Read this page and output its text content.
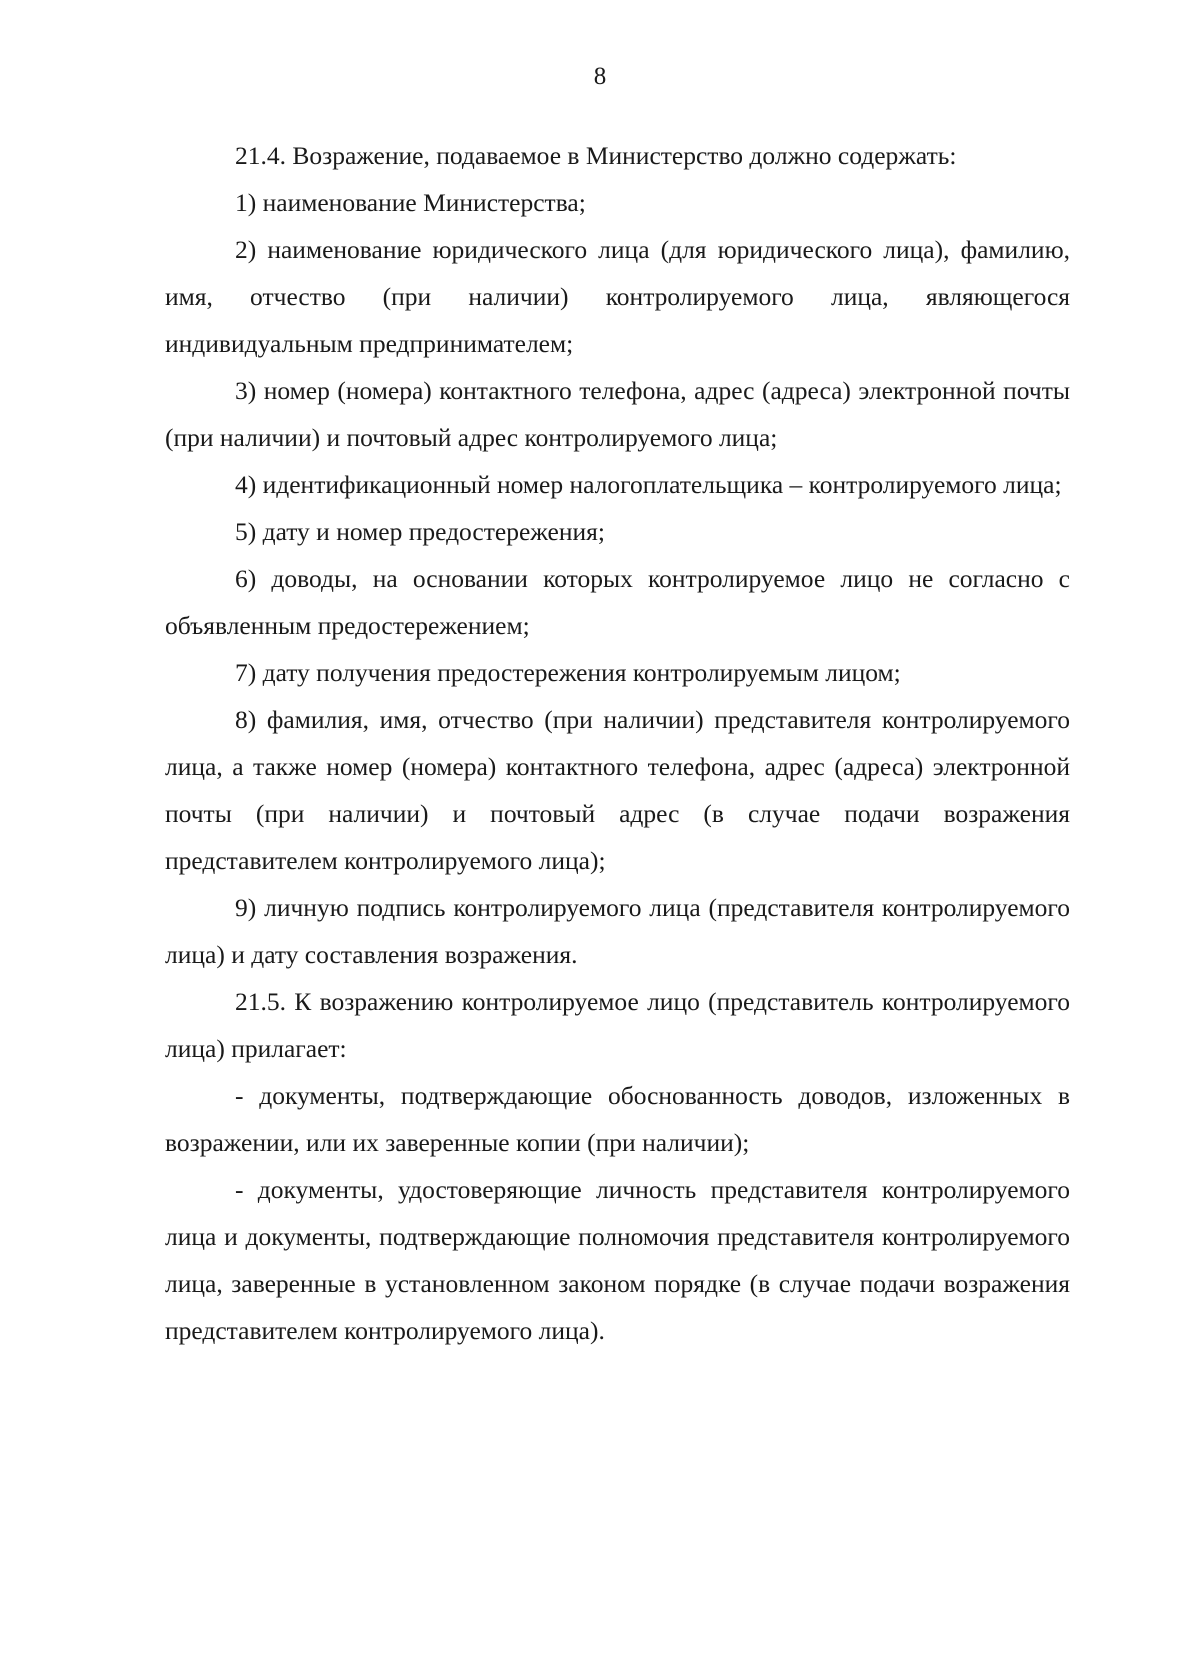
8

21.4. Возражение, подаваемое в Министерство должно содержать:

1) наименование Министерства;

2) наименование юридического лица (для юридического лица), фамилию, имя, отчество (при наличии) контролируемого лица, являющегося индивидуальным предпринимателем;

3) номер (номера) контактного телефона, адрес (адреса) электронной почты (при наличии) и почтовый адрес контролируемого лица;

4) идентификационный номер налогоплательщика – контролируемого лица;

5) дату и номер предостережения;

6) доводы, на основании которых контролируемое лицо не согласно с объявленным предостережением;

7) дату получения предостережения контролируемым лицом;

8) фамилия, имя, отчество (при наличии) представителя контролируемого лица, а также номер (номера) контактного телефона, адрес (адреса) электронной почты (при наличии) и почтовый адрес (в случае подачи возражения представителем контролируемого лица);

9) личную подпись контролируемого лица (представителя контролируемого лица) и дату составления возражения.

21.5. К возражению контролируемое лицо (представитель контролируемого лица) прилагает:

- документы, подтверждающие обоснованность доводов, изложенных в возражении, или их заверенные копии (при наличии);

- документы, удостоверяющие личность представителя контролируемого лица и документы, подтверждающие полномочия представителя контролируемого лица, заверенные в установленном законом порядке (в случае подачи возражения представителем контролируемого лица).
